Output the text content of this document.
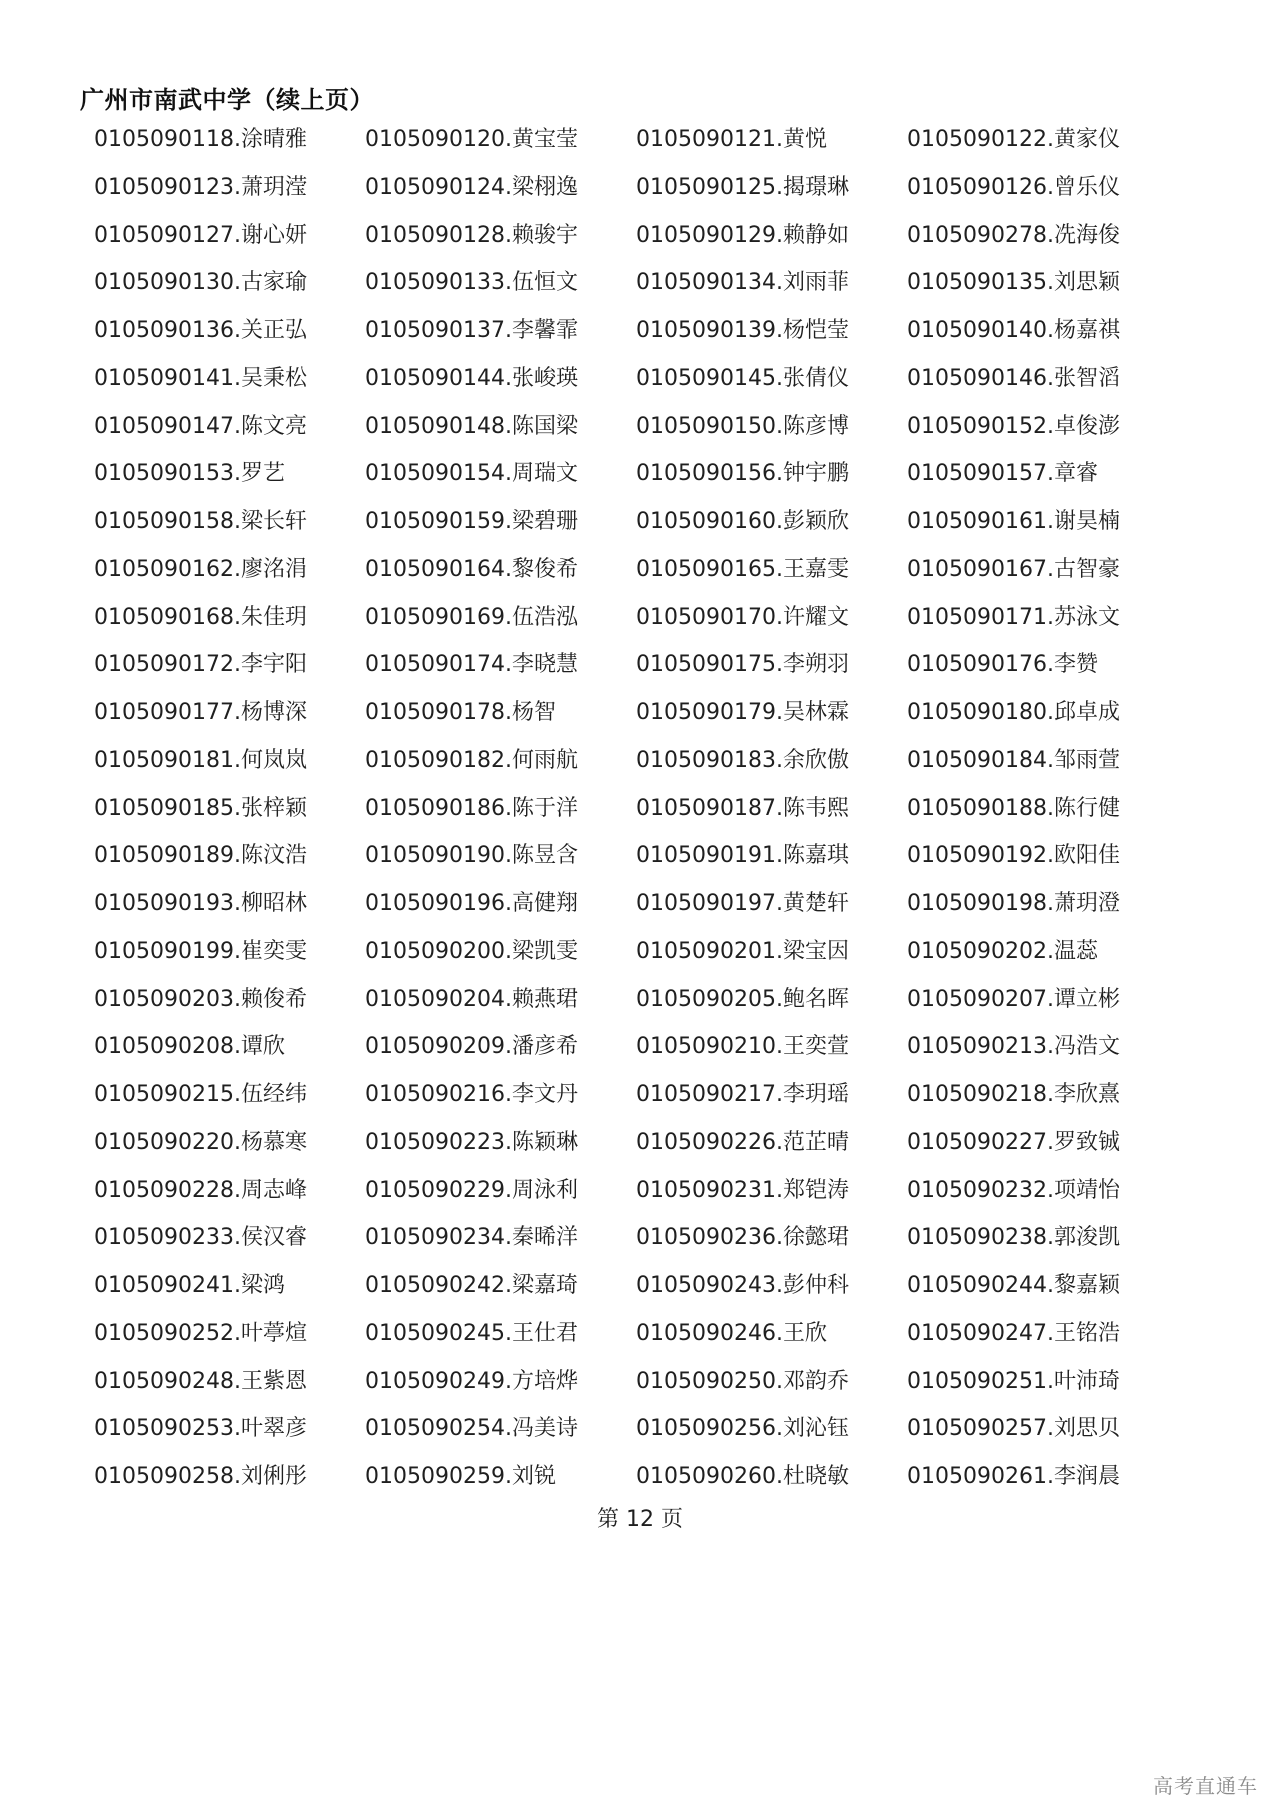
广州市南武中学（续上页）
0105090118.涂晴雅	0105090120.黄宝莹	0105090121.黄悦	0105090122.黄家仪
0105090123.萧玥滢	0105090124.梁栩逸	0105090125.揭璟琳	0105090126.曾乐仪
0105090127.谢心妍	0105090128.赖骏宇	0105090129.赖静如	0105090278.冼海俊
0105090130.古家瑜	0105090133.伍恒文	0105090134.刘雨菲	0105090135.刘思颖
0105090136.关正弘	0105090137.李馨霏	0105090139.杨恺莹	0105090140.杨嘉祺
0105090141.吴秉松	0105090144.张峻瑛	0105090145.张倩仪	0105090146.张智滔
0105090147.陈文亮	0105090148.陈国梁	0105090150.陈彦博	0105090152.卓俊澎
0105090153.罗艺	0105090154.周瑞文	0105090156.钟宇鹏	0105090157.章睿
0105090158.梁长轩	0105090159.梁碧珊	0105090160.彭颖欣	0105090161.谢昊楠
0105090162.廖洺涓	0105090164.黎俊希	0105090165.王嘉雯	0105090167.古智豪
0105090168.朱佳玥	0105090169.伍浩泓	0105090170.许耀文	0105090171.苏泳文
0105090172.李宇阳	0105090174.李晓慧	0105090175.李朔羽	0105090176.李赞
0105090177.杨博深	0105090178.杨智	0105090179.吴林霖	0105090180.邱卓成
0105090181.何岚岚	0105090182.何雨航	0105090183.余欣傲	0105090184.邹雨萱
0105090185.张梓颖	0105090186.陈于洋	0105090187.陈韦熙	0105090188.陈行健
0105090189.陈汶浩	0105090190.陈昱含	0105090191.陈嘉琪	0105090192.欧阳佳
0105090193.柳昭林	0105090196.高健翔	0105090197.黄楚轩	0105090198.萧玥澄
0105090199.崔奕雯	0105090200.梁凯雯	0105090201.梁宝因	0105090202.温蕊
0105090203.赖俊希	0105090204.赖燕珺	0105090205.鲍名晖	0105090207.谭立彬
0105090208.谭欣	0105090209.潘彦希	0105090210.王奕萱	0105090213.冯浩文
0105090215.伍经纬	0105090216.李文丹	0105090217.李玥瑶	0105090218.李欣熹
0105090220.杨慕寒	0105090223.陈颖琳	0105090226.范芷晴	0105090227.罗致铖
0105090228.周志峰	0105090229.周泳利	0105090231.郑铠涛	0105090232.项靖怡
0105090233.侯汉睿	0105090234.秦晞洋	0105090236.徐懿珺	0105090238.郭浚凯
0105090241.梁鸿	0105090242.梁嘉琦	0105090243.彭仲科	0105090244.黎嘉颖
0105090252.叶葶煊	0105090245.王仕君	0105090246.王欣	0105090247.王铭浩
0105090248.王紫恩	0105090249.方培烨	0105090250.邓韵乔	0105090251.叶沛琦
0105090253.叶翠彦	0105090254.冯美诗	0105090256.刘沁钰	0105090257.刘思贝
0105090258.刘俐彤	0105090259.刘锐	0105090260.杜晓敏	0105090261.李润晨
第 12 页
高考直通车
